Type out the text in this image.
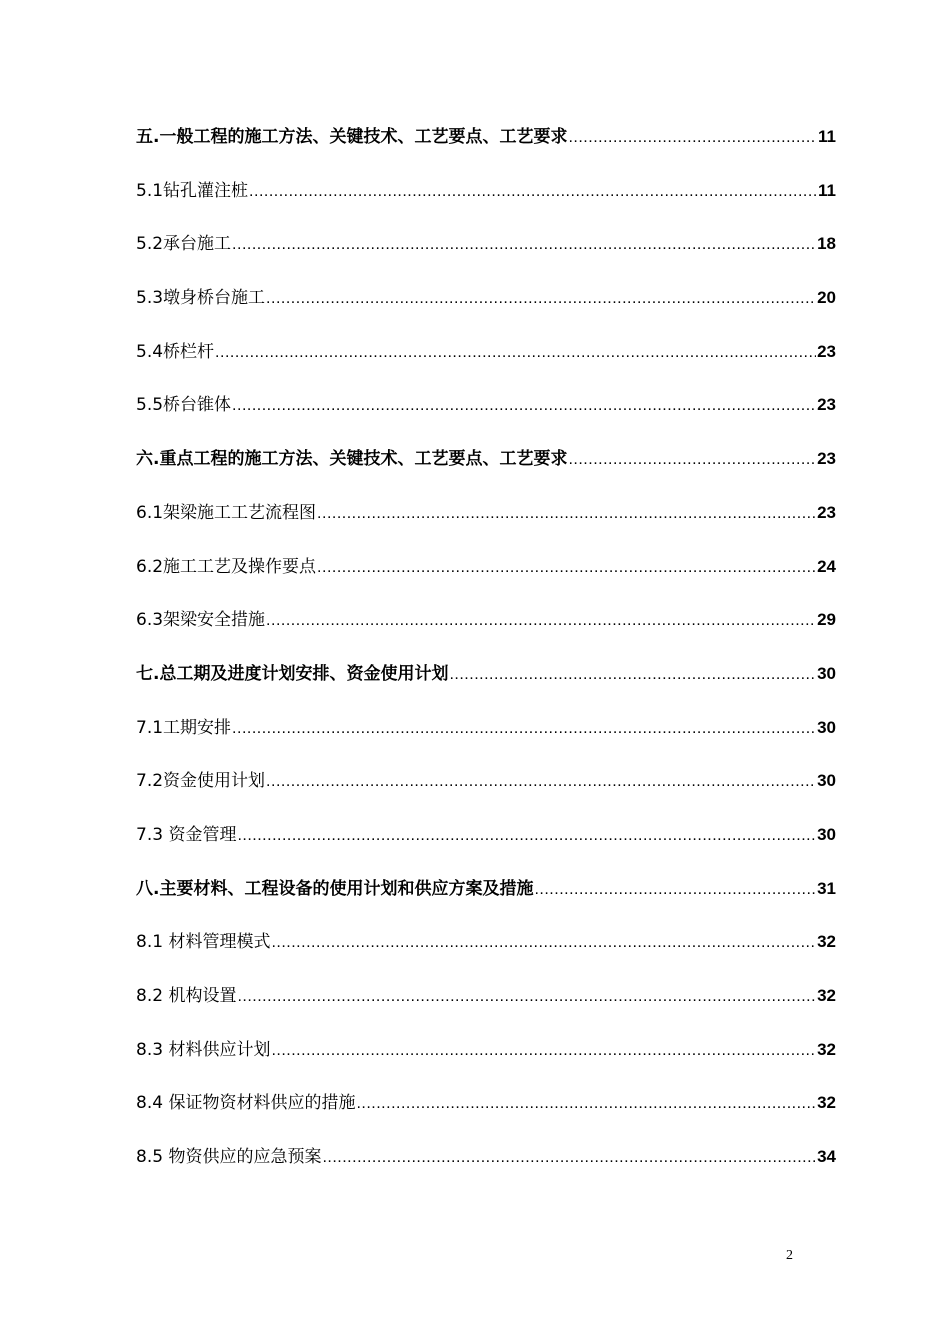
五.一般工程的施工方法、关键技术、工艺要点、工艺要求 .....	11
5.1钻孔灌注桩 .....	11
5.2承台施工 .....	18
5.3墩身桥台施工 .....	20
5.4桥栏杆 .....	23
5.5桥台锥体 .....	23
六.重点工程的施工方法、关键技术、工艺要点、工艺要求 .....	23
6.1架梁施工工艺流程图 .....	23
6.2施工工艺及操作要点 .....	24
6.3架梁安全措施 .....	29
七.总工期及进度计划安排、资金使用计划 .....	30
7.1工期安排 .....	30
7.2资金使用计划 .....	30
7.3 资金管理 .....	30
八.主要材料、工程设备的使用计划和供应方案及措施 .....	31
8.1 材料管理模式 .....	32
8.2 机构设置 .....	32
8.3 材料供应计划 .....	32
8.4 保证物资材料供应的措施 .....	32
8.5 物资供应的应急预案 .....	34
2
